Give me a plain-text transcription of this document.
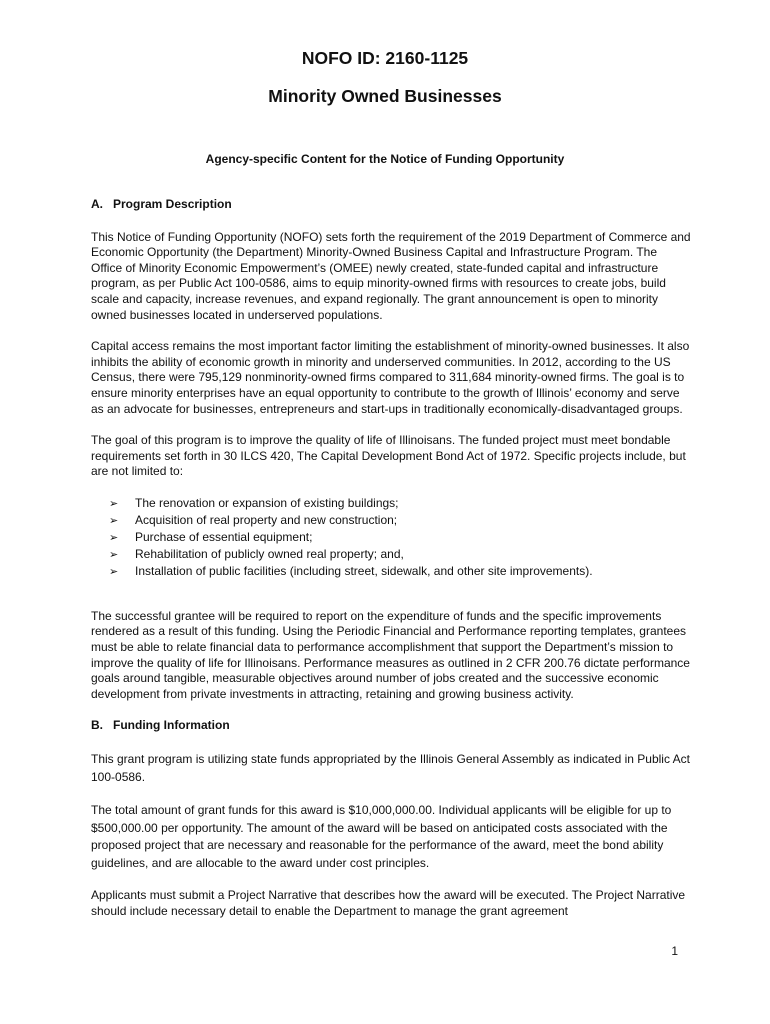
NOFO ID: 2160-1125
Minority Owned Businesses
Agency-specific Content for the Notice of Funding Opportunity
A. Program Description

This Notice of Funding Opportunity (NOFO) sets forth the requirement of the 2019 Department of Commerce and Economic Opportunity (the Department) Minority-Owned Business Capital and Infrastructure Program. The Office of Minority Economic Empowerment’s (OMEE) newly created, state-funded capital and infrastructure program, as per Public Act 100-0586, aims to equip minority-owned firms with resources to create jobs, build scale and capacity, increase revenues, and expand regionally. The grant announcement is open to minority owned businesses located in underserved populations.

Capital access remains the most important factor limiting the establishment of minority-owned businesses. It also inhibits the ability of economic growth in minority and underserved communities. In 2012, according to the US Census, there were 795,129 nonminority-owned firms compared to 311,684 minority-owned firms. The goal is to ensure minority enterprises have an equal opportunity to contribute to the growth of Illinois’ economy and serve as an advocate for businesses, entrepreneurs and start-ups in traditionally economically-disadvantaged groups.

The goal of this program is to improve the quality of life of Illinoisans. The funded project must meet bondable requirements set forth in 30 ILCS 420, The Capital Development Bond Act of 1972. Specific projects include, but are not limited to:

➢ The renovation or expansion of existing buildings;
➢ Acquisition of real property and new construction;
➢ Purchase of essential equipment;
➢ Rehabilitation of publicly owned real property; and,
➢ Installation of public facilities (including street, sidewalk, and other site improvements).

The successful grantee will be required to report on the expenditure of funds and the specific improvements rendered as a result of this funding. Using the Periodic Financial and Performance reporting templates, grantees must be able to relate financial data to performance accomplishment that support the Department’s mission to improve the quality of life for Illinoisans. Performance measures as outlined in 2 CFR 200.76 dictate performance goals around tangible, measurable objectives around number of jobs created and the successive economic development from private investments in attracting, retaining and growing business activity.

B. Funding Information

This grant program is utilizing state funds appropriated by the Illinois General Assembly as indicated in Public Act 100-0586.

The total amount of grant funds for this award is $10,000,000.00. Individual applicants will be eligible for up to $500,000.00 per opportunity. The amount of the award will be based on anticipated costs associated with the proposed project that are necessary and reasonable for the performance of the award, meet the bond ability guidelines, and are allocable to the award under cost principles.

Applicants must submit a Project Narrative that describes how the award will be executed. The Project Narrative should include necessary detail to enable the Department to manage the grant agreement

1
